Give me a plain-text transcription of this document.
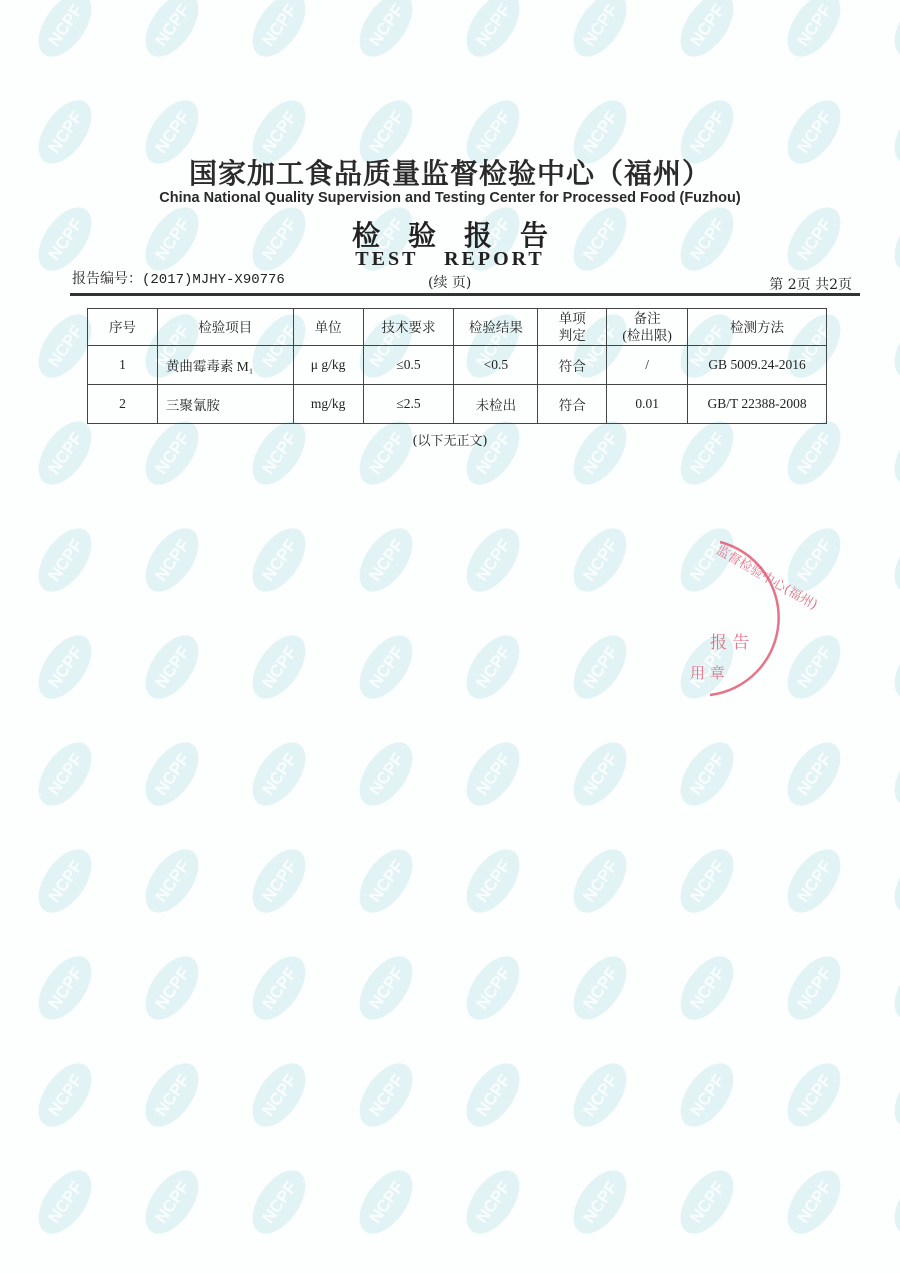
国家加工食品质量监督检验中心（福州）
China National Quality Supervision and Testing Center for Processed Food (Fuzhou)
检验报告
TEST REPORT
报告编号：(2017)MJHY-X90776	(续 页)	第 2页 共2页
序号	检验项目	单位	技术要求	检验结果	单项判定	备注(检出限)	检测方法
1	黄曲霉毒素 M₁	μ g/kg	≤0.5	<0.5	符合	/	GB 5009.24-2016
2	三聚氰胺	mg/kg	≤2.5	未检出	符合	0.01	GB/T 22388-2008
(以下无正文)
监督检验中心(福州)
报 告
用 章
